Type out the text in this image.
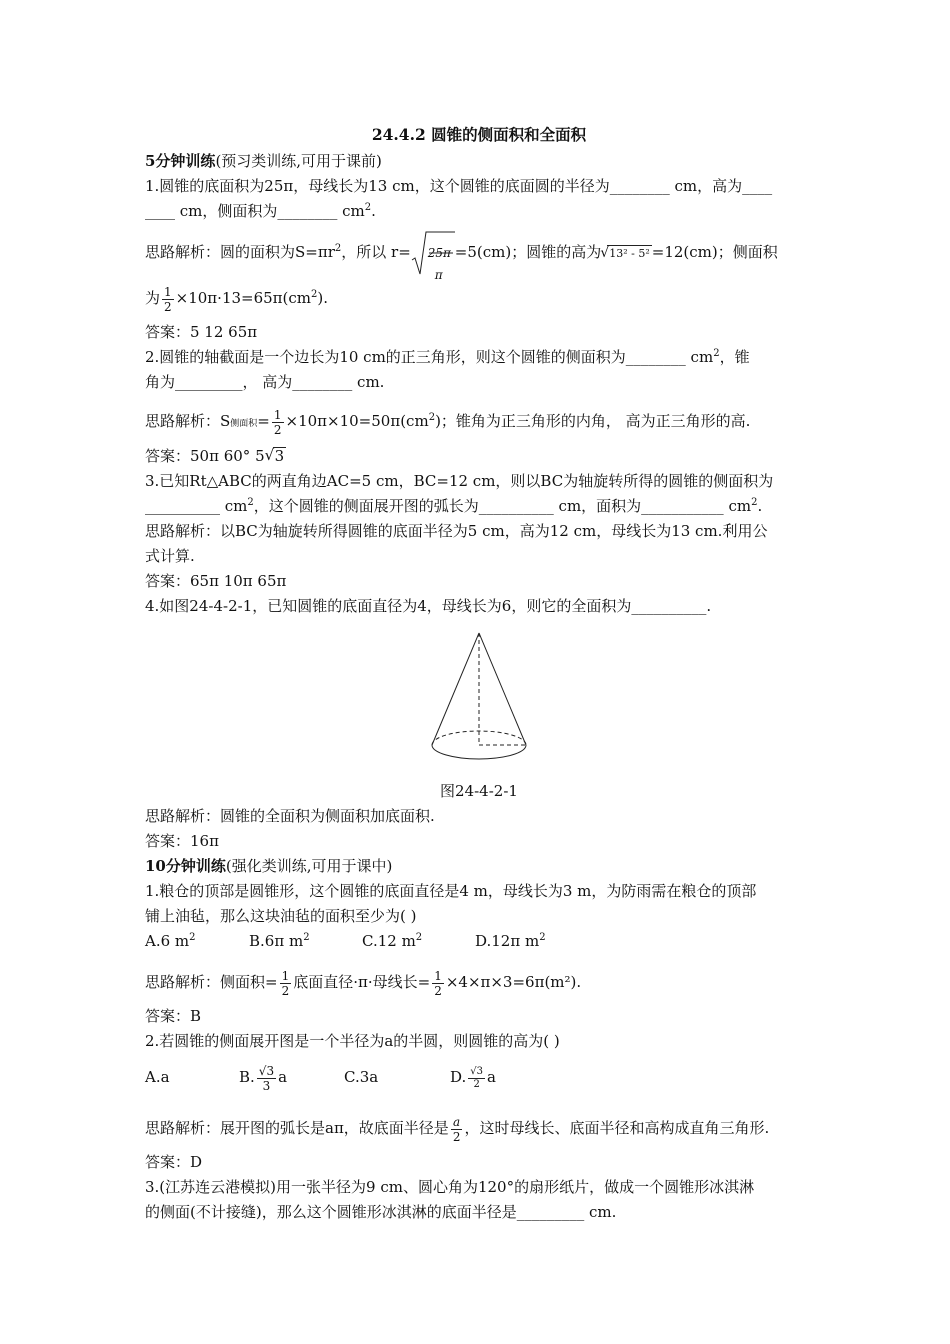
24.4.2 圆锥的侧面积和全面积

5分钟训练(预习类训练,可用于课前)

1.圆锥的底面积为25π，母线长为13 cm，这个圆锥的底面圆的半径为________ cm，高为____

____ cm，侧面积为________ $cm^2$.

思路解析：圆的面积为$S=\pi r^2$，所以 r= 25π
π
=5(cm)；圆锥的高为 √ 13² - 5² =12(cm)；侧面积

为 $\frac{1}{2} \times 10\pi\cdot 13=65\pi(cm^2)$.

答案：5 12 65π

2.圆锥的轴截面是一个边长为10 cm的正三角形，则这个圆锥的侧面积为________ $cm^2$，锥

角为_________， 高为________ cm.

思路解析：S侧面积= $\frac{1}{2} \times 10\pi\times 10=50\pi(cm^2)$；锥角为正三角形的内角， 高为正三角形的高.

答案：50π 60° 5 √ 3

3.已知Rt△ABC的两直角边AC=5 cm，BC=12 cm，则以BC为轴旋转所得的圆锥的侧面积为

__________ $cm^2$，这个圆锥的侧面展开图的弧长为__________ cm，面积为___________ $cm^2$.

思路解析：以BC为轴旋转所得圆锥的底面半径为5 cm，高为12 cm，母线长为13 cm.利用公

式计算.

答案：65π 10π 65π

4.如图24-4-2-1，已知圆锥的底面直径为4，母线长为6，则它的全面积为__________.

图24-4-2-1

思路解析：圆锥的全面积为侧面积加底面积.

答案：16π

10分钟训练(强化类训练,可用于课中)

1.粮仓的顶部是圆锥形，这个圆锥的底面直径是4 m，母线长为3 m，为防雨需在粮仓的顶部

铺上油毡，那么这块油毡的面积至少为( )

A.6 m2	B.6π m2	C.12 m2	D.12π m2

思路解析：侧面积= $\frac{1}{2}$ 底面直径·π·母线长= $\frac{1}{2} \times 4\times\pi\times 3=6\pi(m^2)$.

答案：B

2.若圆锥的侧面展开图是一个半径为a的半圆，则圆锥的高为( )

A.a	B. $\frac{√3}{3}$ a	C.3a	D. $\frac{√3}{2}$ a

思路解析：展开图的弧长是aπ，故底面半径是 $\frac{a}{2}$ ，这时母线长、底面半径和高构成直角三角形.

答案：D

3.(江苏连云港模拟)用一张半径为9 cm、圆心角为120°的扇形纸片，做成一个圆锥形冰淇淋

的侧面(不计接缝)，那么这个圆锥形冰淇淋的底面半径是_________ cm.
